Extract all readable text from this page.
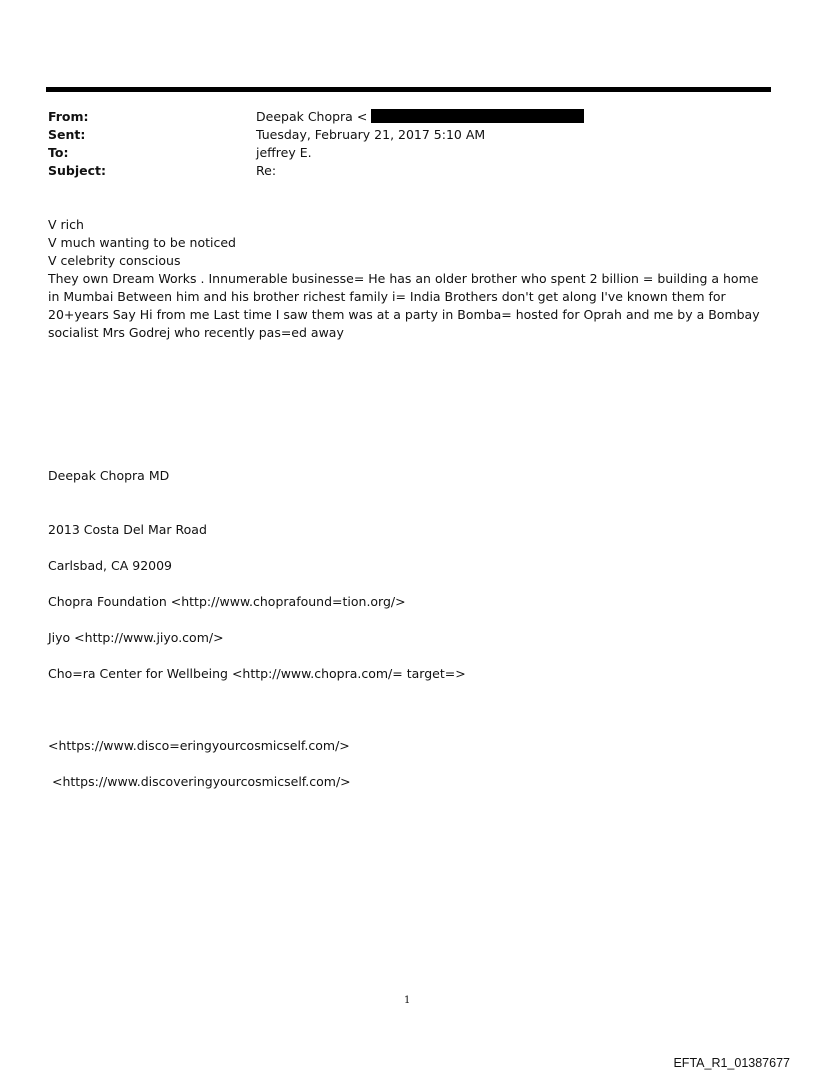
From:	Deepak Chopra <
Sent:	Tuesday, February 21, 2017 5:10 AM
To:	jeffrey E.
Subject:	Re:
V rich
V much wanting to be noticed
V celebrity conscious
They own Dream Works . Innumerable businesse= He has an older brother who spent 2 billion = building a home in Mumbai Between him and his brother richest family i= India Brothers don't get along I've known them for 20+years Say Hi from me Last time I saw them was at a party in Bomba= hosted for Oprah and me by a Bombay socialist Mrs Godrej who recently pas=ed away
Deepak Chopra MD
2013 Costa Del Mar Road
Carlsbad, CA 92009
Chopra Foundation <http://www.choprafound=tion.org/>
Jiyo <http://www.jiyo.com/>
Cho=ra Center for Wellbeing <http://www.chopra.com/= target=>
<https://www.disco=eringyourcosmicself.com/>
<https://www.discoveringyourcosmicself.com/>
1
EFTA_R1_01387677
